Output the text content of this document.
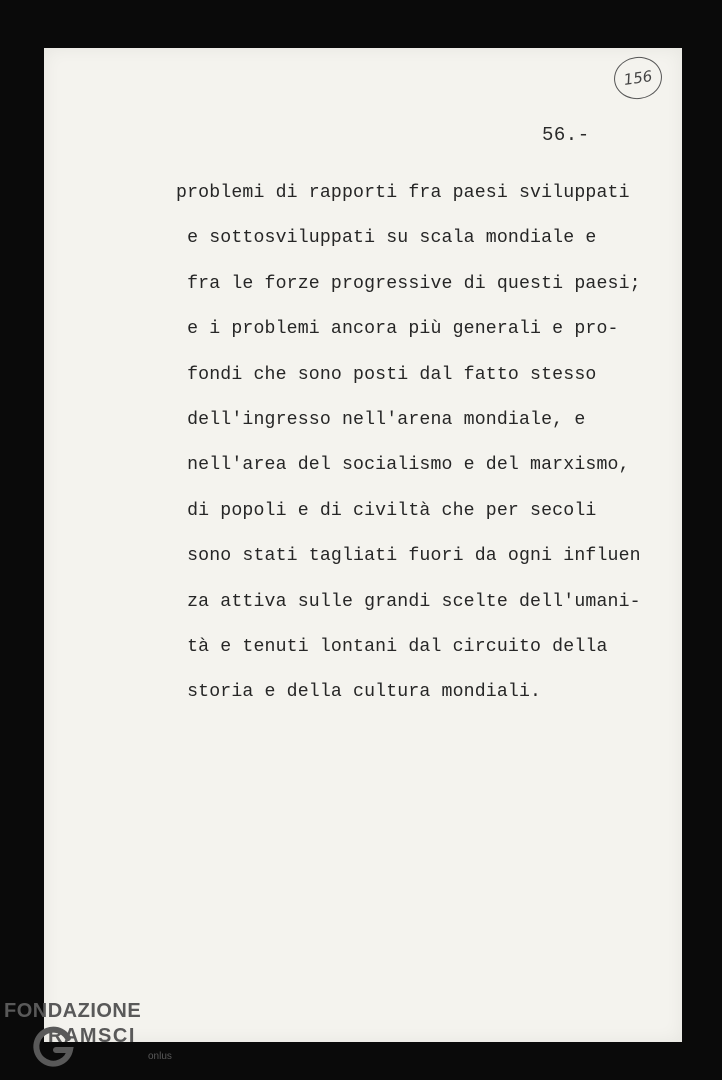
156
56.-
problemi di rapporti fra paesi sviluppati
e sottosviluppati su scala mondiale e
fra le forze progressive di questi paesi;
e i problemi ancora più generali e pro-
fondi che sono posti dal fatto stesso
dell'ingresso nell'arena mondiale, e
nell'area del socialismo e del marxismo,
di popoli e di civiltà che per secoli
sono stati tagliati fuori da ogni influen
za attiva sulle grandi scelte dell'umani-
tà e tenuti lontani dal circuito della
storia e della cultura mondiali.
FONDAZIONE
RAMSCI
onlus
